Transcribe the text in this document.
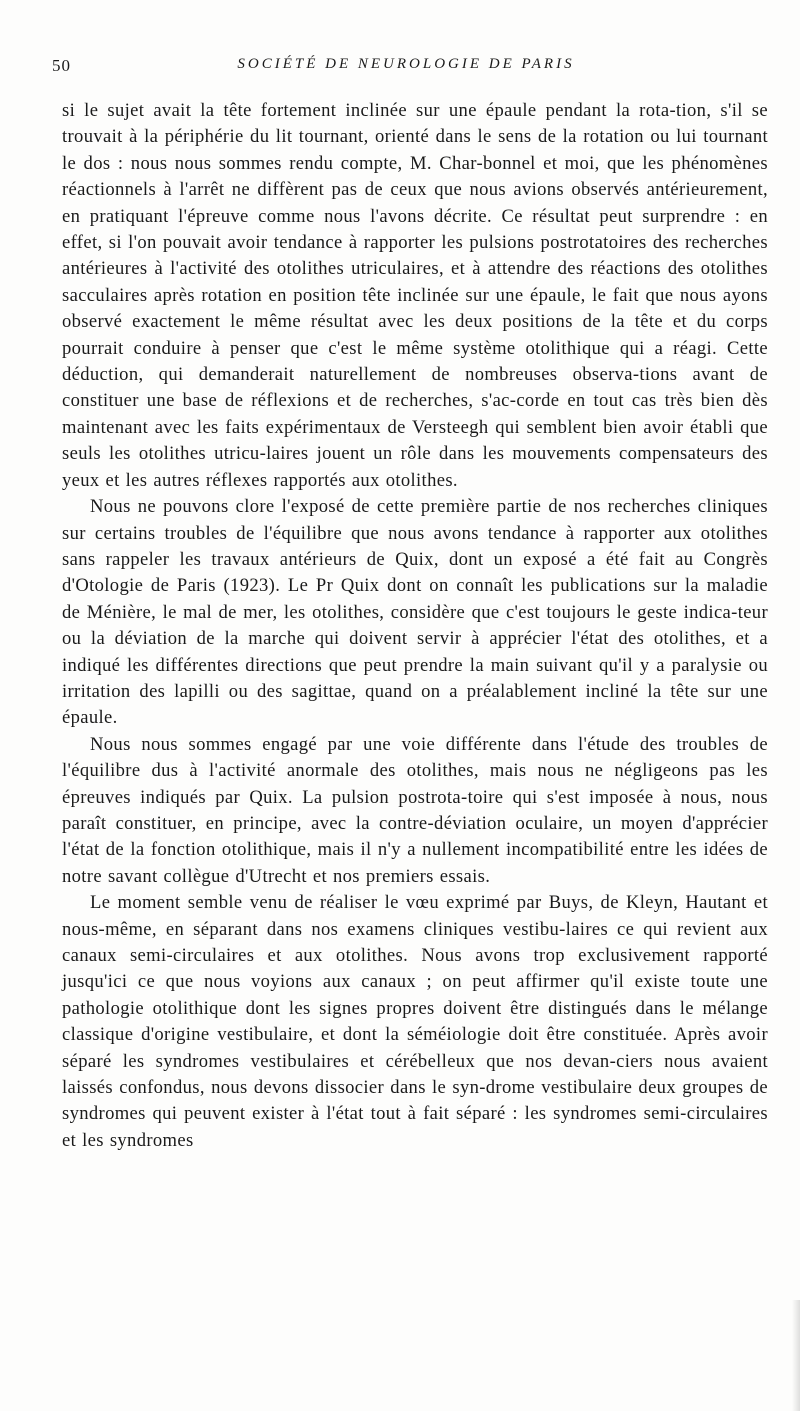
50	SOCIÉTÉ DE NEUROLOGIE DE PARIS

si le sujet avait la tête fortement inclinée sur une épaule pendant la rota-tion, s'il se trouvait à la périphérie du lit tournant, orienté dans le sens de la rotation ou lui tournant le dos : nous nous sommes rendu compte, M. Char-bonnel et moi, que les phénomènes réactionnels à l'arrêt ne diffèrent pas de ceux que nous avions observés antérieurement, en pratiquant l'épreuve comme nous l'avons décrite. Ce résultat peut surprendre : en effet, si l'on pouvait avoir tendance à rapporter les pulsions postrotatoires des recherches antérieures à l'activité des otolithes utriculaires, et à attendre des réactions des otolithes sacculaires après rotation en position tête inclinée sur une épaule, le fait que nous ayons observé exactement le même résultat avec les deux positions de la tête et du corps pourrait conduire à penser que c'est le même système otolithique qui a réagi. Cette déduction, qui demanderait naturellement de nombreuses observa-tions avant de constituer une base de réflexions et de recherches, s'ac-corde en tout cas très bien dès maintenant avec les faits expérimentaux de Versteegh qui semblent bien avoir établi que seuls les otolithes utricu-laires jouent un rôle dans les mouvements compensateurs des yeux et les autres réflexes rapportés aux otolithes.

Nous ne pouvons clore l'exposé de cette première partie de nos recherches cliniques sur certains troubles de l'équilibre que nous avons tendance à rapporter aux otolithes sans rappeler les travaux antérieurs de Quix, dont un exposé a été fait au Congrès d'Otologie de Paris (1923). Le Pr Quix dont on connaît les publications sur la maladie de Ménière, le mal de mer, les otolithes, considère que c'est toujours le geste indica-teur ou la déviation de la marche qui doivent servir à apprécier l'état des otolithes, et a indiqué les différentes directions que peut prendre la main suivant qu'il y a paralysie ou irritation des lapilli ou des sagittae, quand on a préalablement incliné la tête sur une épaule.

Nous nous sommes engagé par une voie différente dans l'étude des troubles de l'équilibre dus à l'activité anormale des otolithes, mais nous ne négligeons pas les épreuves indiqués par Quix. La pulsion postrota-toire qui s'est imposée à nous, nous paraît constituer, en principe, avec la contre-déviation oculaire, un moyen d'apprécier l'état de la fonction otolithique, mais il n'y a nullement incompatibilité entre les idées de notre savant collègue d'Utrecht et nos premiers essais.

Le moment semble venu de réaliser le vœu exprimé par Buys, de Kleyn, Hautant et nous-même, en séparant dans nos examens cliniques vestibu-laires ce qui revient aux canaux semi-circulaires et aux otolithes. Nous avons trop exclusivement rapporté jusqu'ici ce que nous voyions aux canaux ; on peut affirmer qu'il existe toute une pathologie otolithique dont les signes propres doivent être distingués dans le mélange classique d'origine vestibulaire, et dont la séméiologie doit être constituée. Après avoir séparé les syndromes vestibulaires et cérébelleux que nos devan-ciers nous avaient laissés confondus, nous devons dissocier dans le syn-drome vestibulaire deux groupes de syndromes qui peuvent exister à l'état tout à fait séparé : les syndromes semi-circulaires et les syndromes
